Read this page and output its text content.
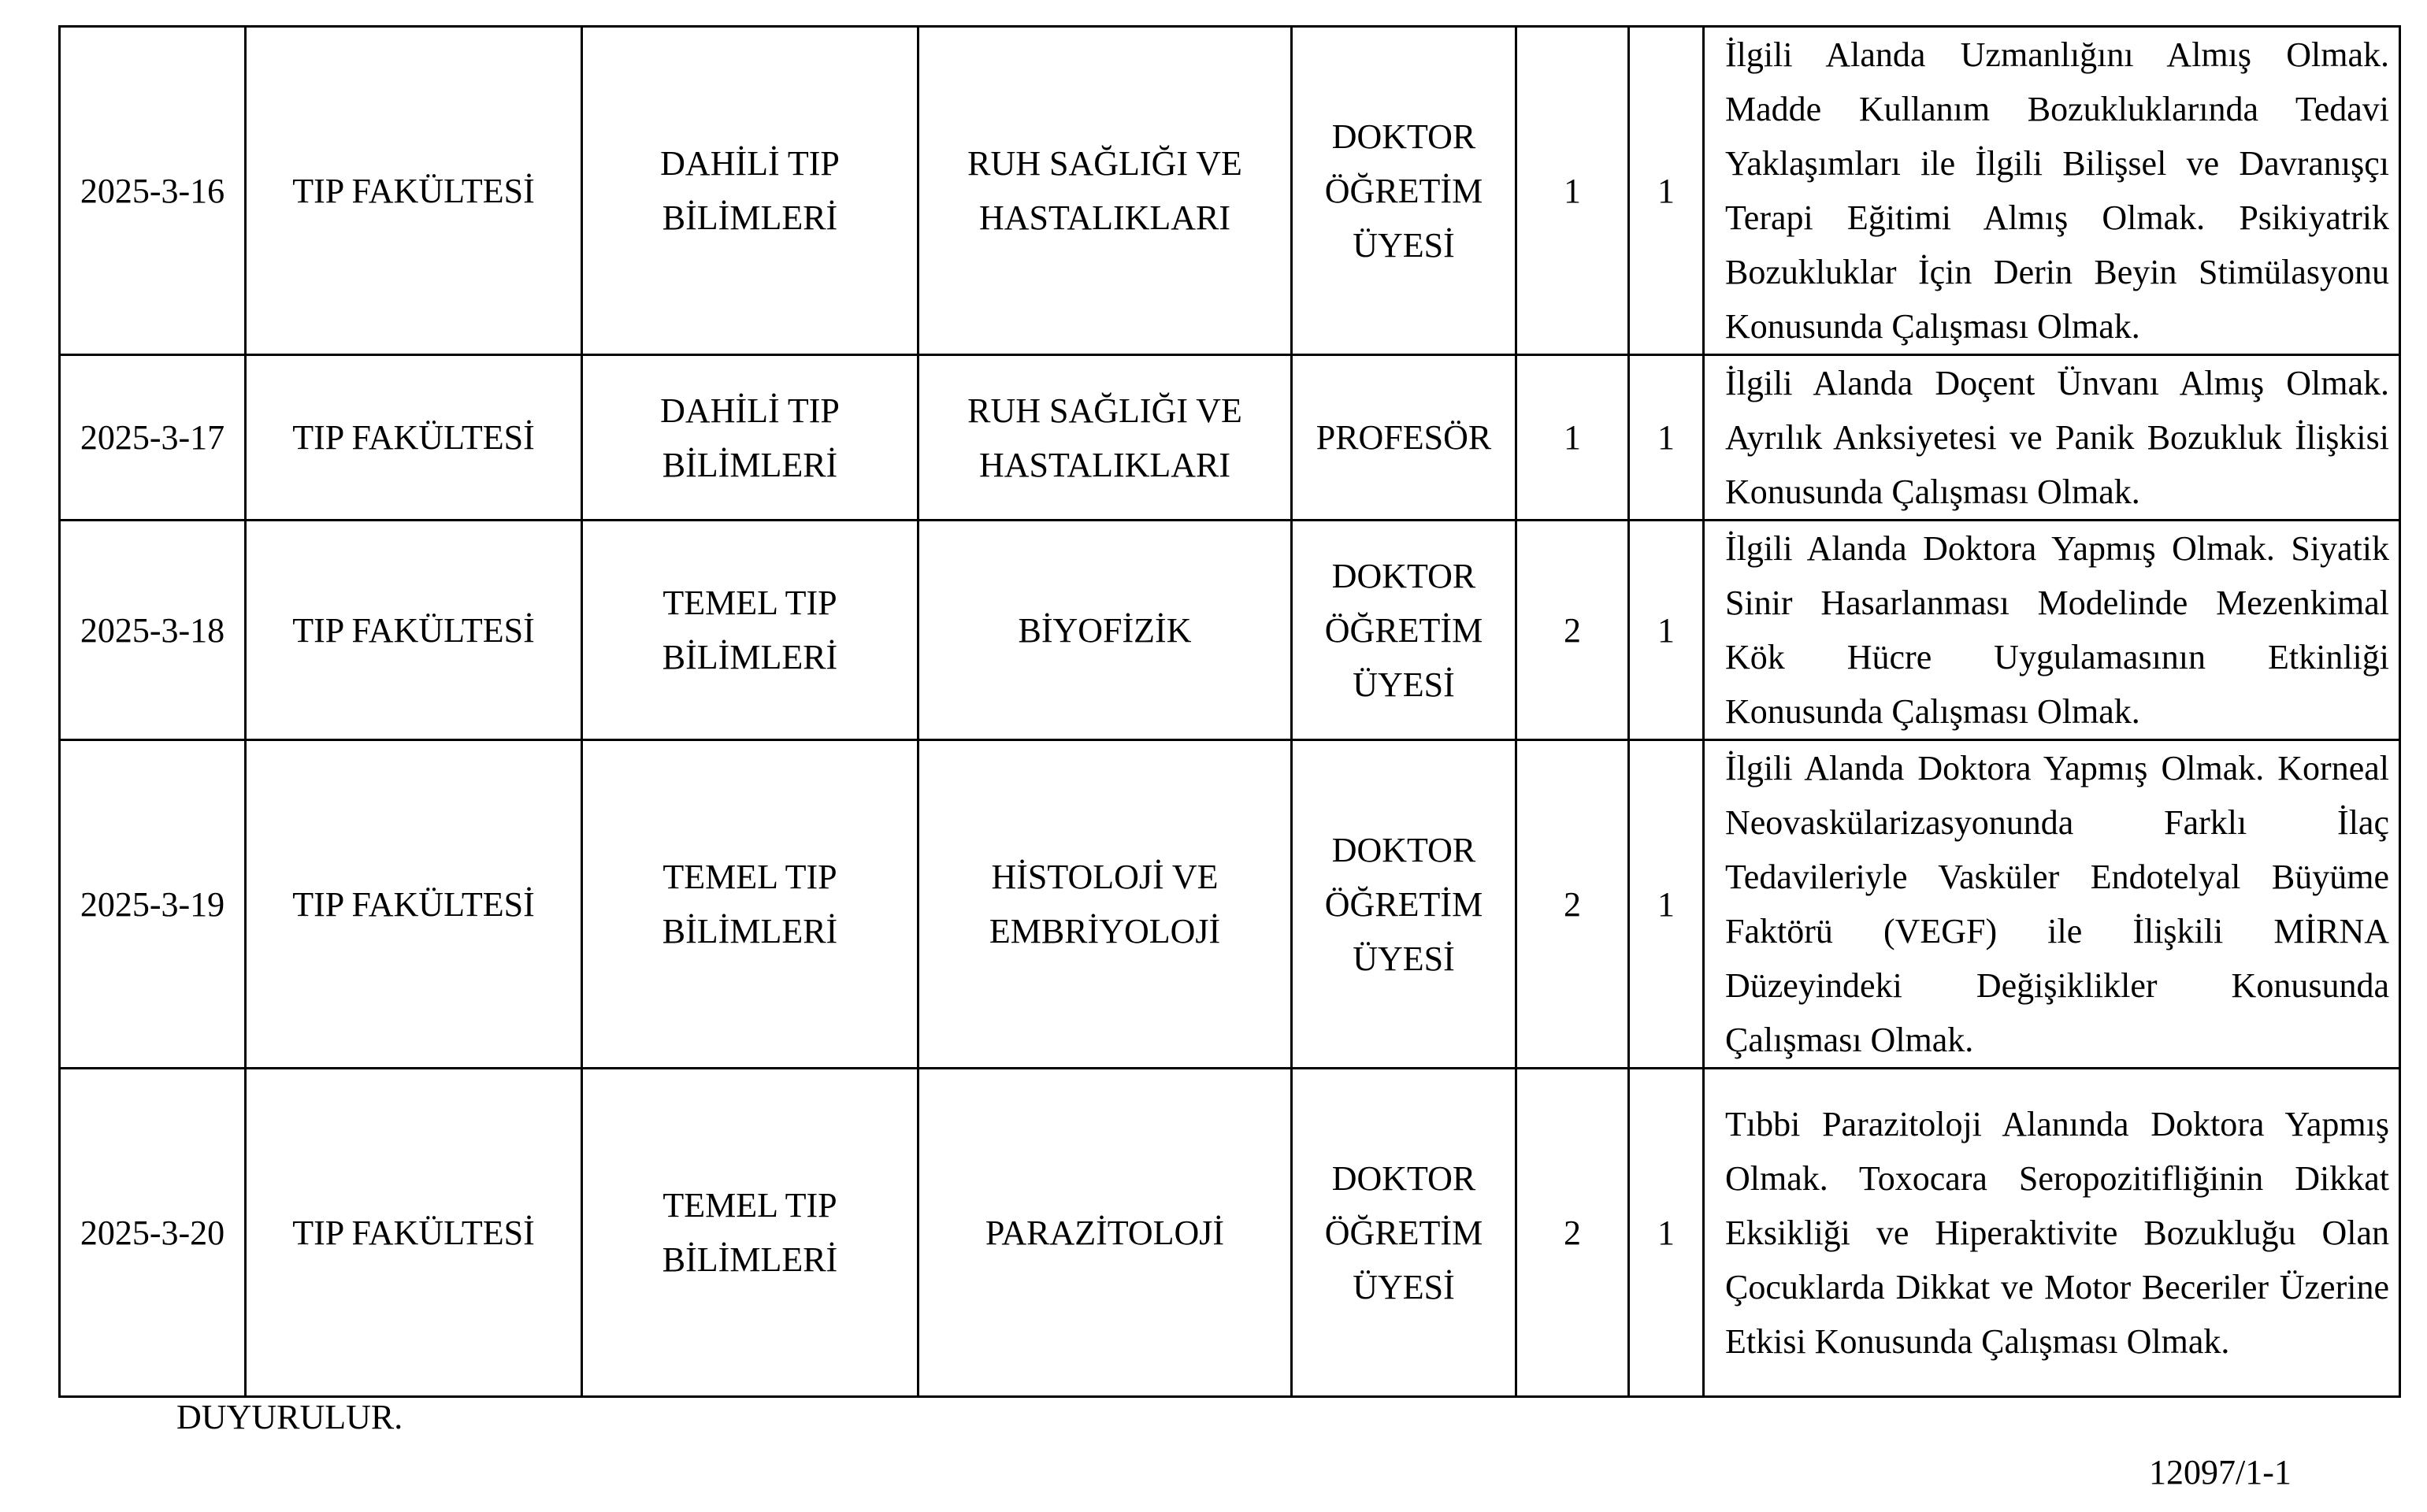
2025-3-16	TIP FAKÜLTESİ	DAHİLİ TIP BİLİMLERİ	RUH SAĞLIĞI VE HASTALIKLARI	DOKTOR ÖĞRETİM ÜYESİ	1	1	İlgili Alanda Uzmanlığını Almış Olmak. Madde Kullanım Bozukluklarında Tedavi Yaklaşımları ile İlgili Bilişsel ve Davranışçı Terapi Eğitimi Almış Olmak. Psikiyatrik Bozukluklar İçin Derin Beyin Stimülasyonu Konusunda Çalışması Olmak.
2025-3-17	TIP FAKÜLTESİ	DAHİLİ TIP BİLİMLERİ	RUH SAĞLIĞI VE HASTALIKLARI	PROFESÖR	1	1	İlgili Alanda Doçent Ünvanı Almış Olmak. Ayrılık Anksiyetesi ve Panik Bozukluk İlişkisi Konusunda Çalışması Olmak.
2025-3-18	TIP FAKÜLTESİ	TEMEL TIP BİLİMLERİ	BİYOFİZİK	DOKTOR ÖĞRETİM ÜYESİ	2	1	İlgili Alanda Doktora Yapmış Olmak. Siyatik Sinir Hasarlanması Modelinde Mezenkimal Kök Hücre Uygulamasının Etkinliği Konusunda Çalışması Olmak.
2025-3-19	TIP FAKÜLTESİ	TEMEL TIP BİLİMLERİ	HİSTOLOJİ VE EMBRİYOLOJİ	DOKTOR ÖĞRETİM ÜYESİ	2	1	İlgili Alanda Doktora Yapmış Olmak. Korneal Neovaskülarizasyonunda Farklı İlaç Tedavileriyle Vasküler Endotelyal Büyüme Faktörü (VEGF) ile İlişkili MİRNA Düzeyindeki Değişiklikler Konusunda Çalışması Olmak.
2025-3-20	TIP FAKÜLTESİ	TEMEL TIP BİLİMLERİ	PARAZİTOLOJİ	DOKTOR ÖĞRETİM ÜYESİ	2	1	Tıbbi Parazitoloji Alanında Doktora Yapmış Olmak. Toxocara Seropozitifliğinin Dikkat Eksikliği ve Hiperaktivite Bozukluğu Olan Çocuklarda Dikkat ve Motor Beceriler Üzerine Etkisi Konusunda Çalışması Olmak.
DUYURULUR.
12097/1-1
